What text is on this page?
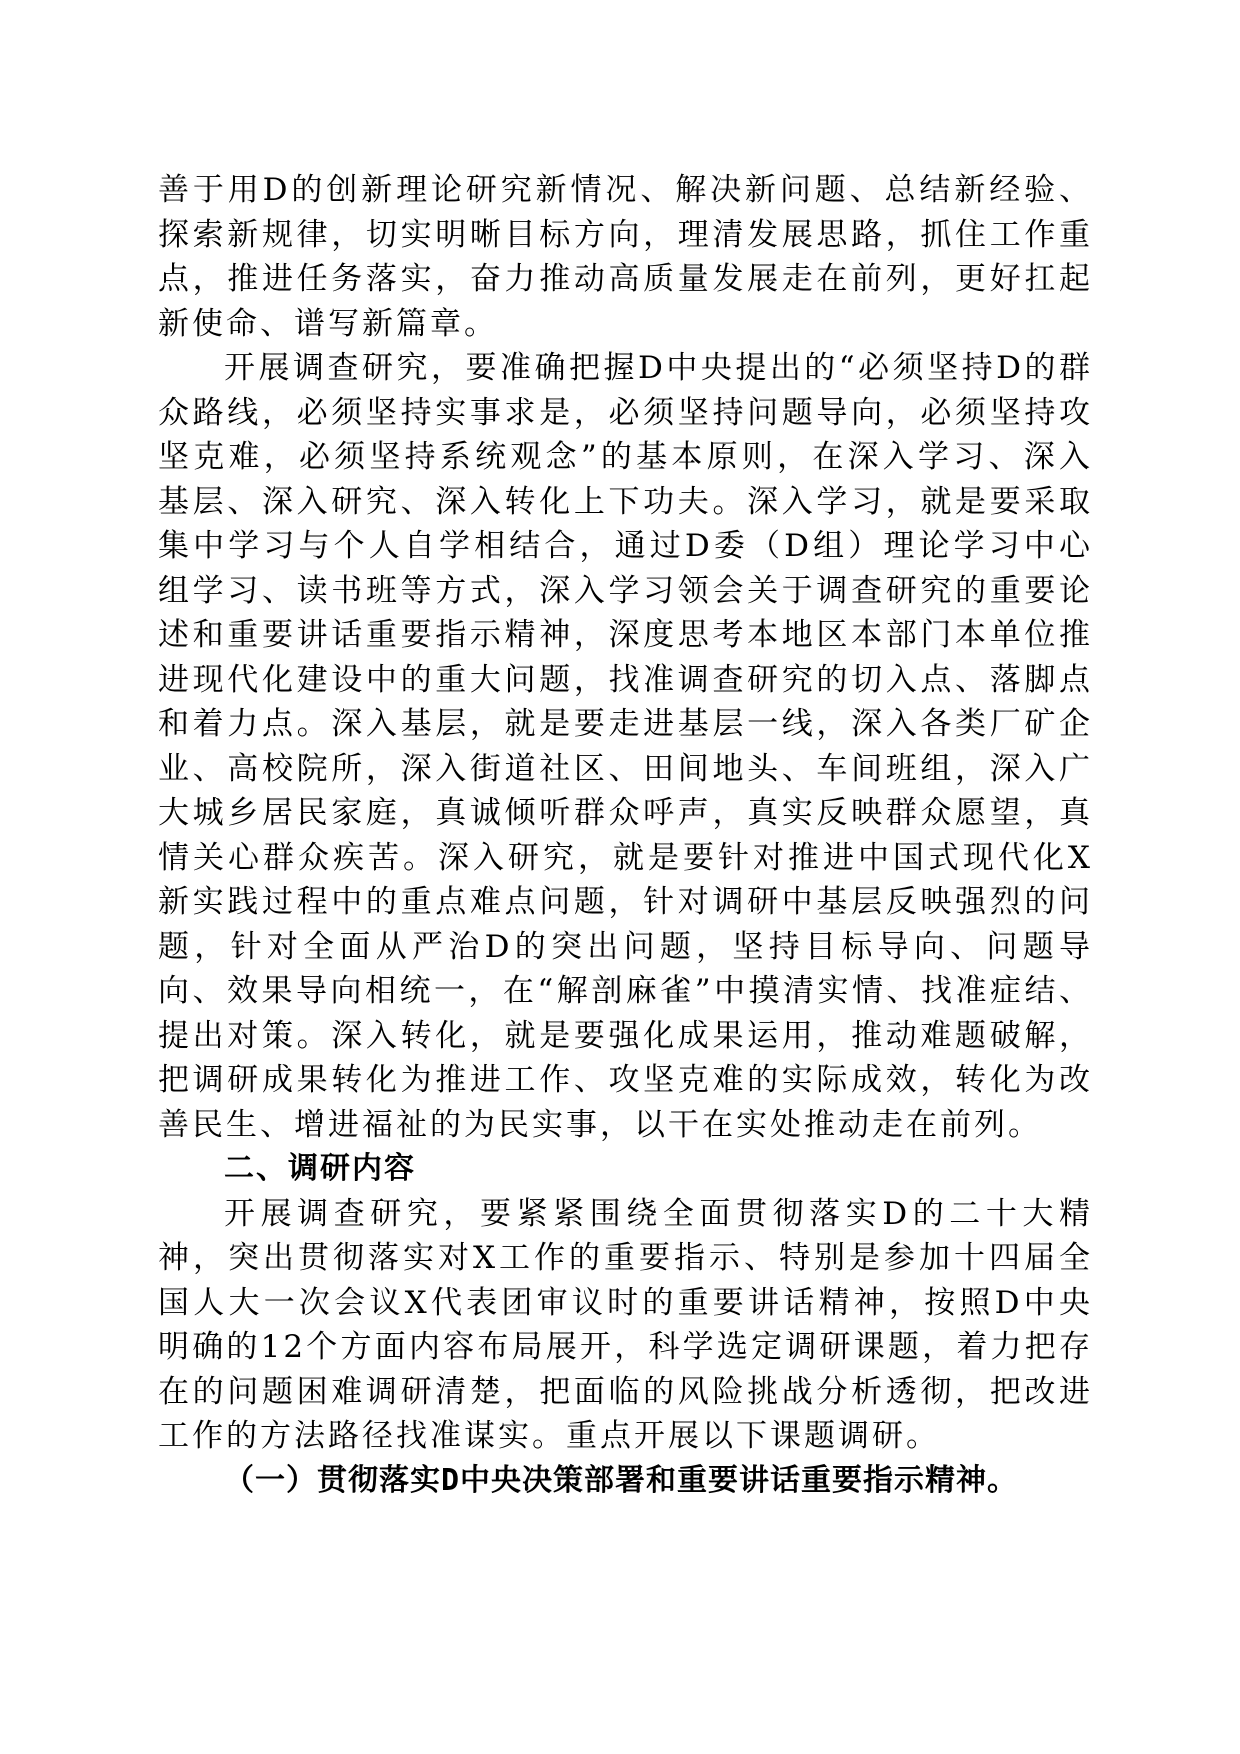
善于用D的创新理论研究新情况、解决新问题、总结新经验、探索新规律，切实明晰目标方向，理清发展思路，抓住工作重点，推进任务落实，奋力推动高质量发展走在前列，更好扛起新使命、谱写新篇章。

开展调查研究，要准确把握D中央提出的“必须坚持D的群众路线，必须坚持实事求是，必须坚持问题导向，必须坚持攻坚克难，必须坚持系统观念”的基本原则，在深入学习、深入基层、深入研究、深入转化上下功夫。深入学习，就是要采取集中学习与个人自学相结合，通过D委（D组）理论学习中心组学习、读书班等方式，深入学习领会关于调查研究的重要论述和重要讲话重要指示精神，深度思考本地区本部门本单位推进现代化建设中的重大问题，找准调查研究的切入点、落脚点和着力点。深入基层，就是要走进基层一线，深入各类厂矿企业、高校院所，深入街道社区、田间地头、车间班组，深入广大城乡居民家庭，真诚倾听群众呼声，真实反映群众愿望，真情关心群众疾苦。深入研究，就是要针对推进中国式现代化X新实践过程中的重点难点问题，针对调研中基层反映强烈的问题，针对全面从严治D的突出问题，坚持目标导向、问题导向、效果导向相统一，在“解剖麻雀”中摸清实情、找准症结、提出对策。深入转化，就是要强化成果运用，推动难题破解，把调研成果转化为推进工作、攻坚克难的实际成效，转化为改善民生、增进福祉的为民实事，以干在实处推动走在前列。

二、调研内容

开展调查研究，要紧紧围绕全面贯彻落实D的二十大精神，突出贯彻落实对X工作的重要指示、特别是参加十四届全国人大一次会议X代表团审议时的重要讲话精神，按照D中央明确的12个方面内容布局展开，科学选定调研课题，着力把存在的问题困难调研清楚，把面临的风险挑战分析透彻，把改进工作的方法路径找准谋实。重点开展以下课题调研。

（一）贯彻落实D中央决策部署和重要讲话重要指示精神。
